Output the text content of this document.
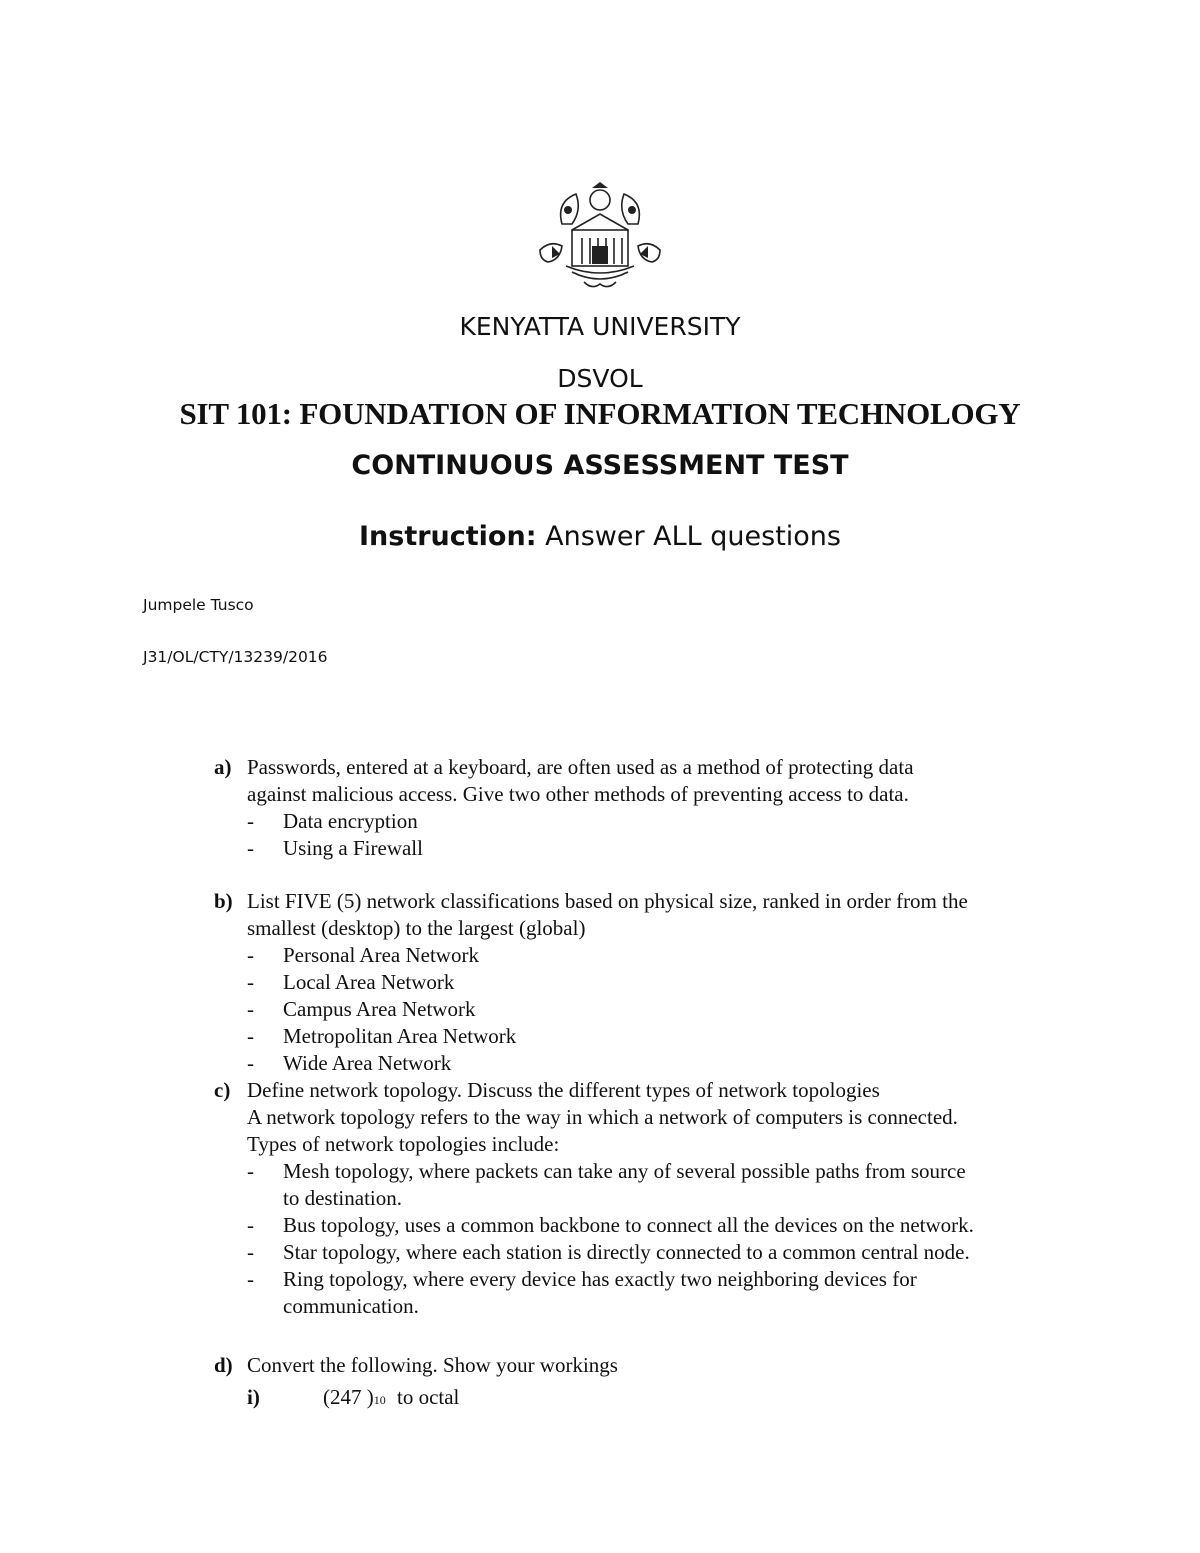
KENYATTA UNIVERSITY
DSVOL
SIT 101: FOUNDATION OF INFORMATION TECHNOLOGY
CONTINUOUS ASSESSMENT TEST
Instruction: Answer ALL questions
Jumpele Tusco
J31/OL/CTY/13239/2016
a) Passwords, entered at a keyboard, are often used as a method of protecting data
against malicious access. Give two other methods of preventing access to data.
- Data encryption
- Using a Firewall
b) List FIVE (5) network classifications based on physical size, ranked in order from the
smallest (desktop) to the largest (global)
- Personal Area Network
- Local Area Network
- Campus Area Network
- Metropolitan Area Network
- Wide Area Network
c) Define network topology. Discuss the different types of network topologies
A network topology refers to the way in which a network of computers is connected.
Types of network topologies include:
- Mesh topology, where packets can take any of several possible paths from source
to destination.
- Bus topology, uses a common backbone to connect all the devices on the network.
- Star topology, where each station is directly connected to a common central node.
- Ring topology, where every device has exactly two neighboring devices for
communication.
d) Convert the following. Show your workings
i)	(247 )10 to octal
